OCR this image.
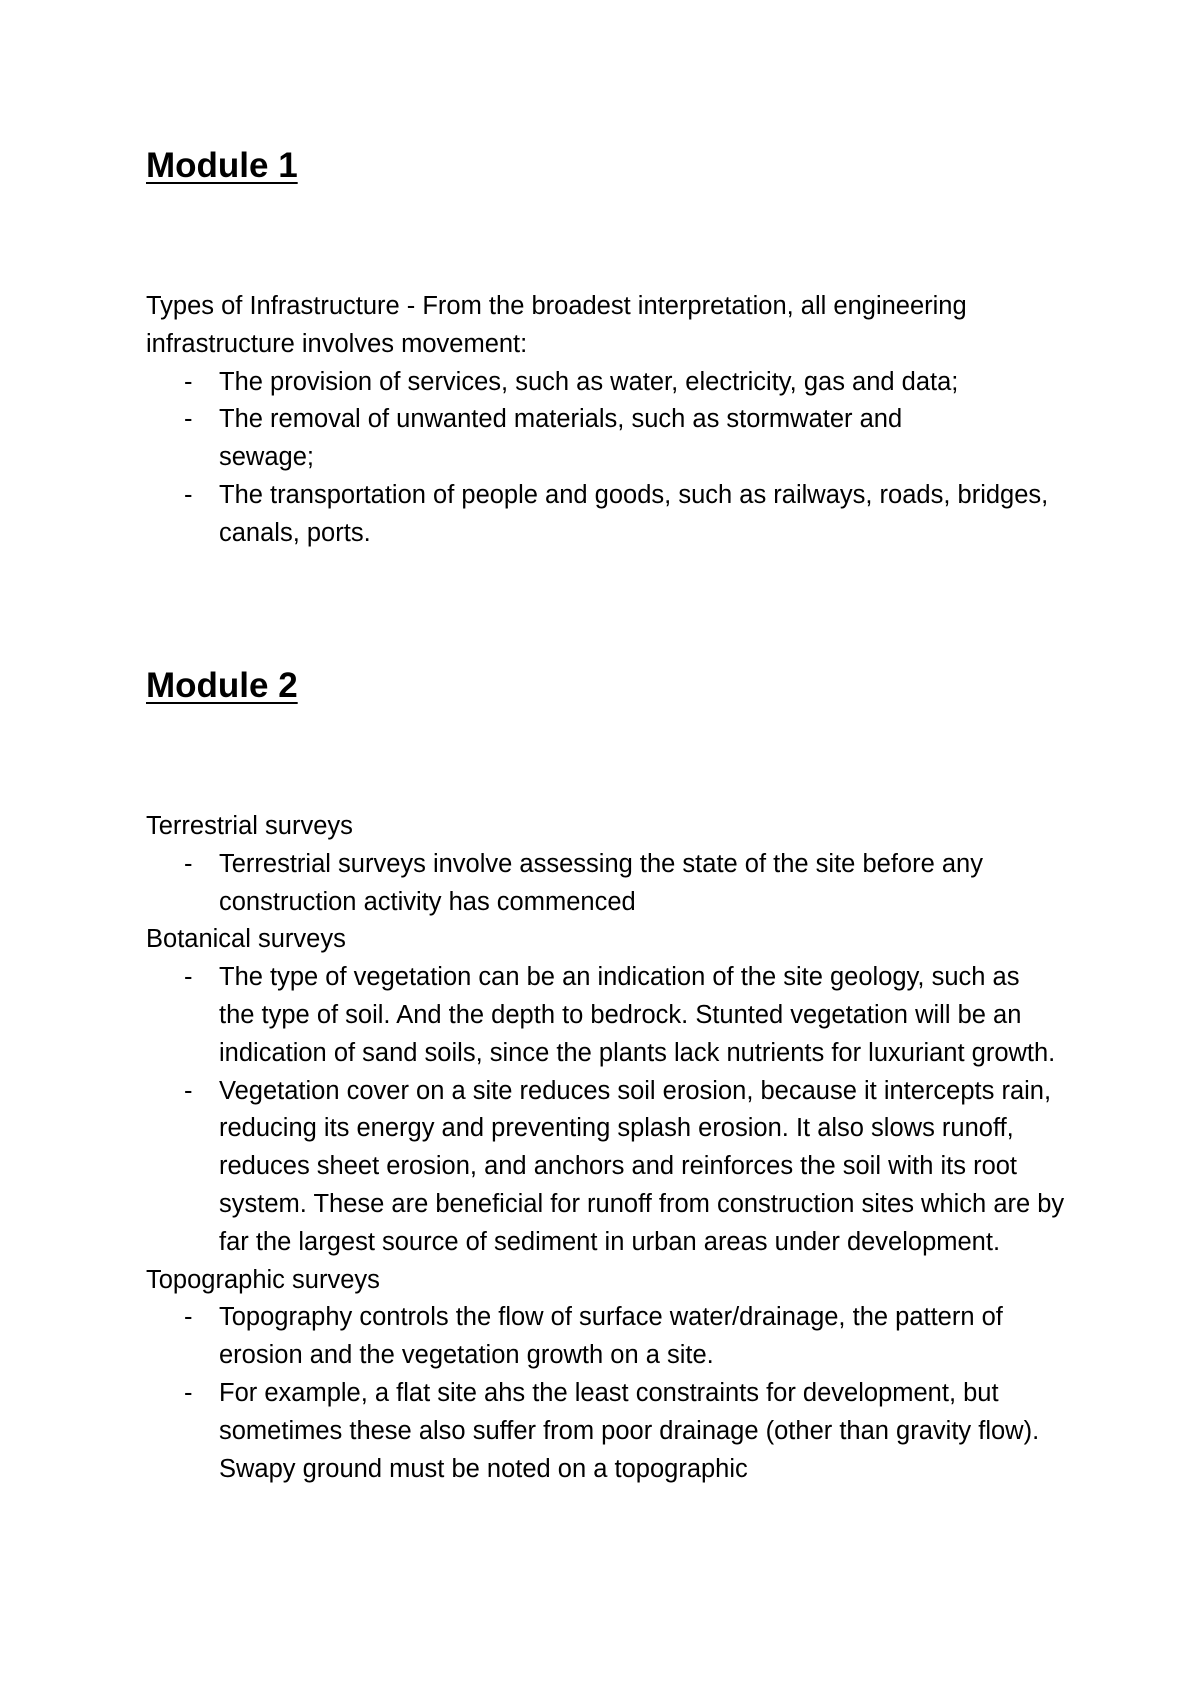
Module 1

Types of Infrastructure - From the broadest interpretation, all engineering
infrastructure involves movement:

- The provision of services, such as water, electricity, gas and data;
- The removal of unwanted materials, such as stormwater and sewage;
- The transportation of people and goods, such as railways, roads, bridges, canals, ports.
Module 2

Terrestrial surveys

- Terrestrial surveys involve assessing the state of the site before any construction activity has commenced

Botanical surveys

- The type of vegetation can be an indication of the site geology, such as the type of soil. And the depth to bedrock. Stunted vegetation will be an indication of sand soils, since the plants lack nutrients for luxuriant growth.
- Vegetation cover on a site reduces soil erosion, because it intercepts rain, reducing its energy and preventing splash erosion. It also slows runoff, reduces sheet erosion, and anchors and reinforces the soil with its root system. These are beneficial for runoff from construction sites which are by far the largest source of sediment in urban areas under development.

Topographic surveys

- Topography controls the flow of surface water/drainage, the pattern of erosion and the vegetation growth on a site.
- For example, a flat site ahs the least constraints for development, but sometimes these also suffer from poor drainage (other than gravity flow). Swapy ground must be noted on a topographic
